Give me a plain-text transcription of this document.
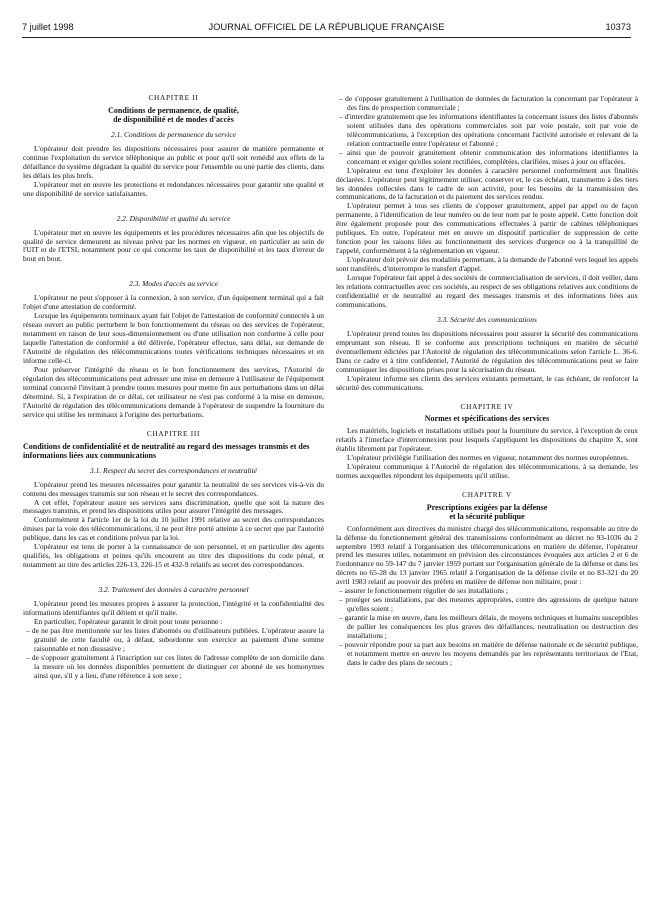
7 juillet 1998	JOURNAL OFFICIEL DE LA RÉPUBLIQUE FRANÇAISE	10373
CHAPITRE II
Conditions de permanence, de qualité,
de disponibilité et de modes d'accès
2.1. Conditions de permanence du service

L'opérateur doit prendre les dispositions nécessaires pour assurer de manière permanente et continue l'exploitation du service téléphonique au public et pour qu'il soit remédié aux effets de la défaillance du système dégradant la qualité du service pour l'ensemble ou une partie des clients, dans les délais les plus brefs.

L'opérateur met en œuvre les protections et redondances nécessaires pour garantir une qualité et une disponibilité de service satisfaisantes.

2.2. Disponibilité et qualité du service

L'opérateur met en œuvre les équipements et les procédures nécessaires afin que les objectifs de qualité de service demeurent au niveau prévu par les normes en vigueur, en particulier au sein de l'UIT et de l'ETSI, notamment pour ce qui concerne les taux de disponibilité et les taux d'erreur de bout en bout.

2.3. Modes d'accès au service

L'opérateur ne peut s'opposer à la connexion, à son service, d'un équipement terminal qui a fait l'objet d'une attestation de conformité.

Lorsque les équipements terminaux ayant fait l'objet de l'attestation de conformité connectés à un réseau ouvert au public perturbent le bon fonctionnement du réseau ou des services de l'opérateur, notamment en raison de leur sous-dimensionnement ou d'une utilisation non conforme à celle pour laquelle l'attestation de conformité a été délivrée, l'opérateur effectue, sans délai, sur demande de l'Autorité de régulation des télécommunications toutes vérifications techniques nécessaires et en informe celle-ci.

Pour préserver l'intégrité du réseau et le bon fonctionnement des services, l'Autorité de régulation des télécommunications peut adresser une mise en demeure à l'utilisateur de l'équipement terminal concerné l'invitant à prendre toutes mesures pour mettre fin aux perturbations dans un délai déterminé. Si, à l'expiration de ce délai, cet utilisateur ne s'est pas conformé à la mise en demeure, l'Autorité de régulation des télécommunications demande à l'opérateur de suspendre la fourniture du service qui utilise les terminaux à l'origine des perturbations.

CHAPITRE III
Conditions de confidentialité et de neutralité au regard des messages transmis et des informations liées aux communications
3.1. Respect du secret des correspondances et neutralité

L'opérateur prend les mesures nécessaires pour garantir la neutralité de ses services vis-à-vis du contenu des messages transmis sur son réseau et le secret des correspondances.

A cet effet, l'opérateur assure ses services sans discrimination, quelle que soit la nature des messages transmis, et prend les dispositions utiles pour assurer l'intégrité des messages.

Conformément à l'article 1er de la loi du 10 juillet 1991 relative au secret des correspondances émises par la voie des télécommunications, il ne peut être porté atteinte à ce secret que par l'autorité publique, dans les cas et conditions prévus par la loi.

L'opérateur est tenu de porter à la connaissance de son personnel, et en particulier des agents qualifiés, les obligations et peines qu'ils encourent au titre des dispositions du code pénal, et notamment au titre des articles 226-13, 226-15 et 432-9 relatifs au secret des correspondances.

3.2. Traitement des données à caractère personnel

L'opérateur prend les mesures propres à assurer la protection, l'intégrité et la confidentialité des informations identifiantes qu'il détient et qu'il traite.

En particulier, l'opérateur garantit le droit pour toute personne :

– de ne pas être mentionnée sur les listes d'abonnés ou d'utilisateurs publiées. L'opérateur assure la gratuité de cette faculté ou, à défaut, subordonne son exercice au paiement d'une somme raisonnable et non dissuasive ;

– de s'opposer gratuitement à l'inscription sur ces listes de l'adresse complète de son domicile dans la mesure où les données disponibles permettent de distinguer cet abonné de ses homonymes ainsi que, s'il y a lieu, d'une référence à son sexe ;

– de s'opposer gratuitement à l'utilisation de données de facturation la concernant par l'opérateur à des fins de prospection commerciale ;

– d'interdire gratuitement que les informations identifiantes la concernant issues des listes d'abonnés soient utilisées dans des opérations commerciales soit par voie postale, soit par voie de télécommunications, à l'exception des opérations concernant l'activité autorisée et relevant de la relation contractuelle entre l'opérateur et l'abonné ;

– ainsi que de pouvoir gratuitement obtenir communication des informations identifiantes la concernant et exiger qu'elles soient rectifiées, complétées, clarifiées, mises à jour ou effacées.

L'opérateur est tenu d'exploiter les données à caractère personnel conformément aux finalités déclarées. L'opérateur peut légitimement utiliser, conserver et, le cas échéant, transmettre à des tiers les données collectées dans le cadre de son activité, pour les besoins de la transmission des communications, de la facturation et du paiement des services rendus.

L'opérateur permet à tous ses clients de s'opposer gratuitement, appel par appel ou de façon permanente, à l'identification de leur numéro ou de leur nom par le poste appelé. Cette fonction doit être également proposée pour des communications effectuées à partir de cabines téléphoniques publiques. En outre, l'opérateur met en œuvre un dispositif particulier de suppression de cette fonction pour les raisons liées au fonctionnement des services d'urgence ou à la tranquillité de l'appelé, conformément à la réglementation en vigueur.

L'opérateur doit prévoir des modalités permettant, à la demande de l'abonné vers lequel les appels sont transférés, d'interrompre le transfert d'appel.

Lorsque l'opérateur fait appel à des sociétés de commercialisation de services, il doit veiller, dans les relations contractuelles avec ces sociétés, au respect de ses obligations relatives aux conditions de confidentialité et de neutralité au regard des messages transmis et des informations liées aux communications.

3.3. Sécurité des communications

L'opérateur prend toutes les dispositions nécessaires pour assurer la sécurité des communications empruntant son réseau. Il se conforme aux prescriptions techniques en matière de sécurité éventuellement édictées par l'Autorité de régulation des télécommunications selon l'article L. 36-6. Dans ce cadre et à titre confidentiel, l'Autorité de régulation des télécommunications peut se faire communiquer les dispositions prises pour la sécurisation du réseau.

L'opérateur informe ses clients des services existants permettant, le cas échéant, de renforcer la sécurité des communications.

CHAPITRE IV
Normes et spécifications des services

Les matériels, logiciels et installations utilisés pour la fourniture du service, à l'exception de ceux relatifs à l'interface d'interconnexion pour lesquels s'appliquent les dispositions du chapitre X, sont établis librement par l'opérateur.

L'opérateur privilégie l'utilisation des normes en vigueur, notamment des normes européennes.

L'opérateur communique à l'Autorité de régulation des télécommunications, à sa demande, les normes auxquelles répondent les équipements qu'il utilise.

CHAPITRE V
Prescriptions exigées par la défense
et la sécurité publique

Conformément aux directives du ministre chargé des télécommunications, responsable au titre de la défense du fonctionnement général des transmissions conformément au décret no 93-1036 du 2 septembre 1993 relatif à l'organisation des télécommunications en matière de défense, l'opérateur prend les mesures utiles, notamment en prévision des circonstances évoquées aux articles 2 et 6 de l'ordonnance no 59-147 du 7 janvier 1959 portant sur l'organisation générale de la défense et dans les décrets no 65-28 du 13 janvier 1965 relatif à l'organisation de la défense civile et no 83-321 du 20 avril 1983 relatif au pouvoir des préfets en matière de défense non militaire, pour :

– assurer le fonctionnement régulier de ses installations ;

– protéger ses installations, par des mesures appropriées, contre des agressions de quelque nature qu'elles soient ;

– garantir la mise en œuvre, dans les meilleurs délais, de moyens techniques et humains susceptibles de pallier les conséquences les plus graves des défaillances, neutralisation ou destruction des installations ;

– pouvoir répondre pour sa part aux besoins en matière de défense nationale et de sécurité publique, et notamment mettre en œuvre les moyens demandés par les représentants territoriaux de l'Etat, dans le cadre des plans de secours ;
